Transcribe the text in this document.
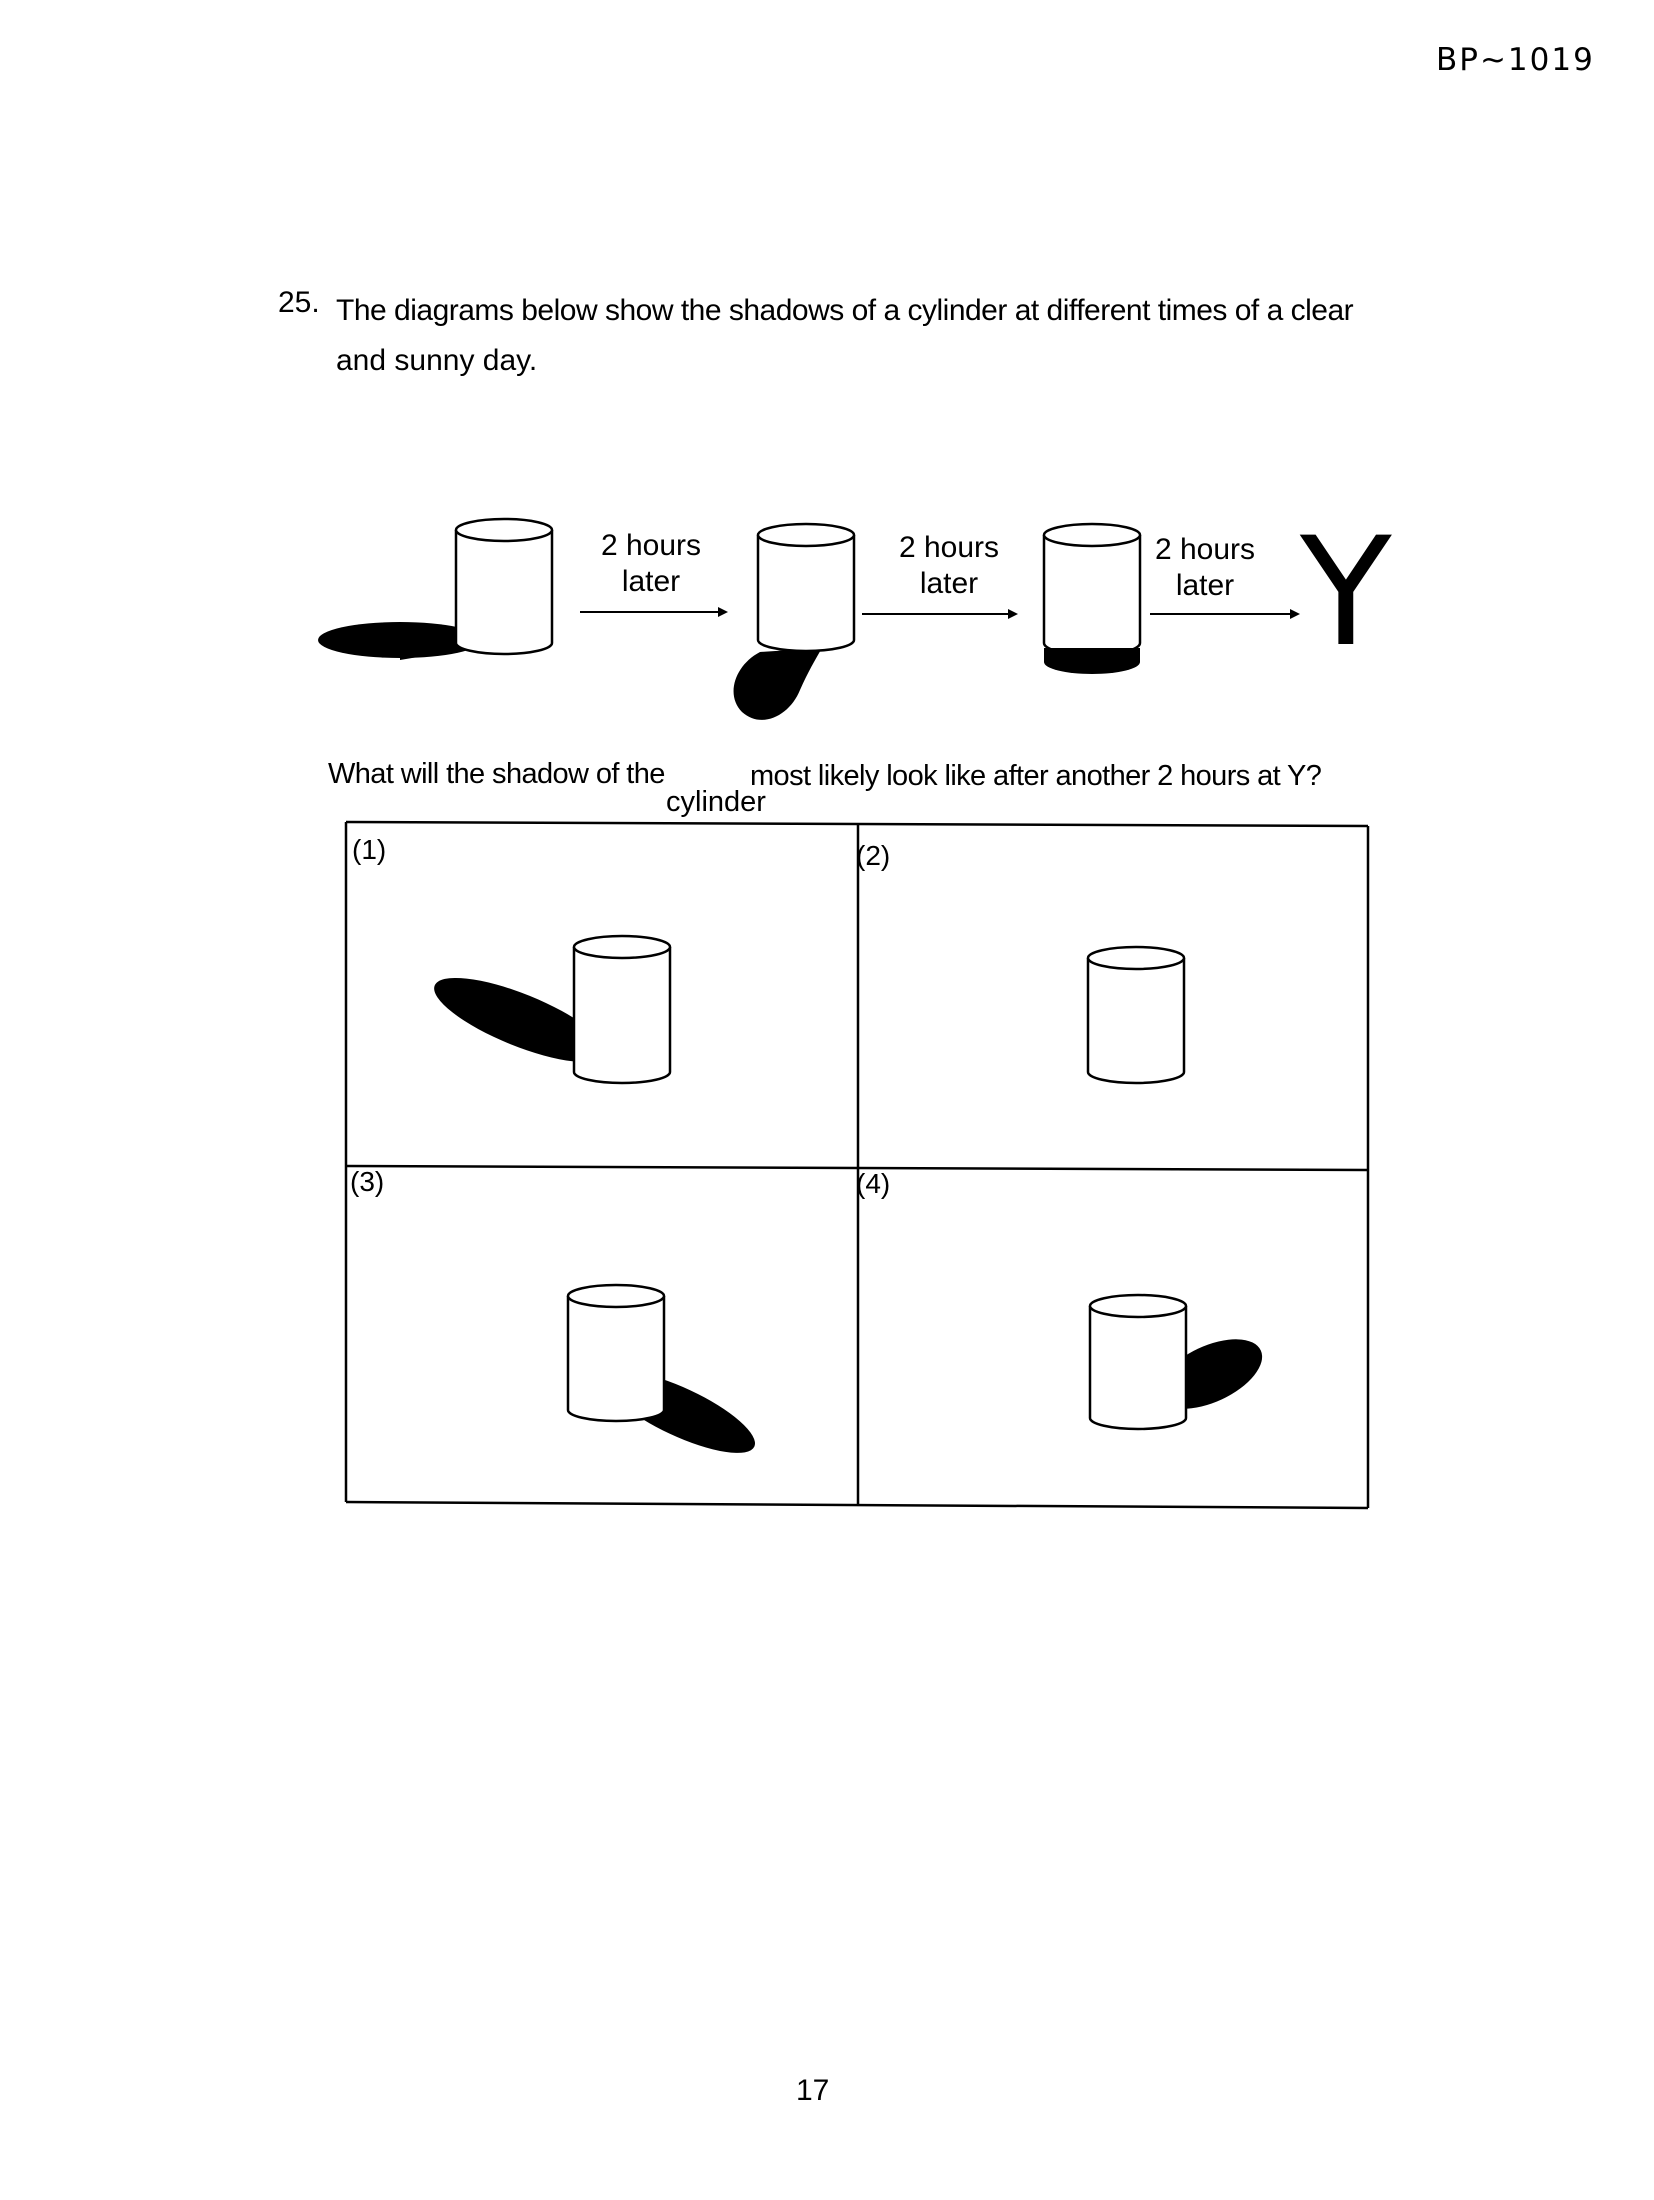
BP~1019
25. The diagrams below show the shadows of a cylinder at different times of a clear
and sunny day.
2 hours
later
2 hours
later
2 hours
later Y
What will the shadow of the
cylinder
most likely look like after another 2 hours at Y?
(1)	(2)
(3)	(4)
17
